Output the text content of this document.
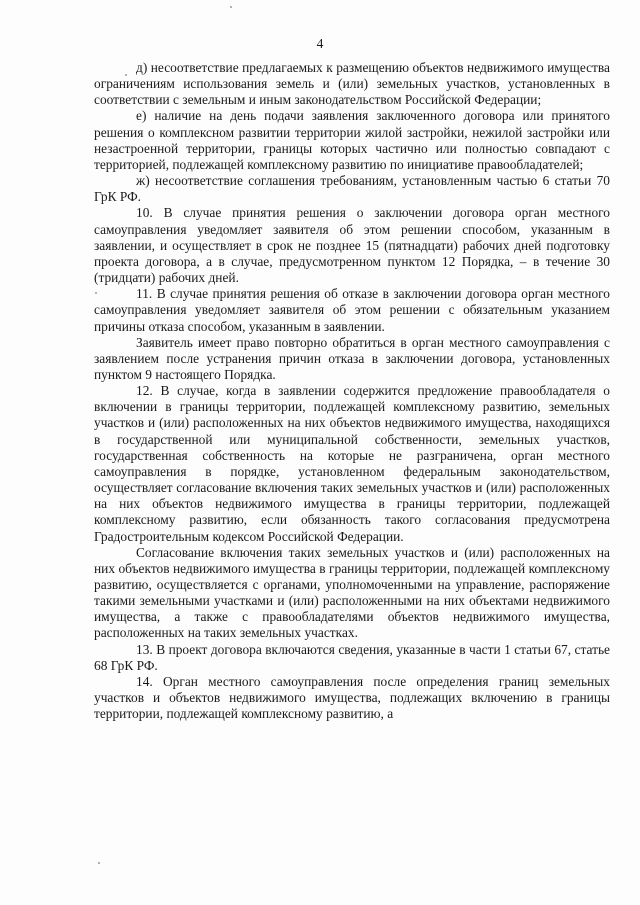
4

д) несоответствие предлагаемых к размещению объектов недвижимого имущества ограничениям использования земель и (или) земельных участков, установленных в соответствии с земельным и иным законодательством Российской Федерации;

е) наличие на день подачи заявления заключенного договора или принятого решения о комплексном развитии территории жилой застройки, нежилой застройки или незастроенной территории, границы которых частично или полностью совпадают с территорией, подлежащей комплексному развитию по инициативе правообладателей;

ж) несоответствие соглашения требованиям, установленным частью 6 статьи 70 ГрК РФ.

10. В случае принятия решения о заключении договора орган местного самоуправления уведомляет заявителя об этом решении способом, указанным в заявлении, и осуществляет в срок не позднее 15 (пятнадцати) рабочих дней подготовку проекта договора, а в случае, предусмотренном пунктом 12 Порядка, – в течение 30 (тридцати) рабочих дней.

11. В случае принятия решения об отказе в заключении договора орган местного самоуправления уведомляет заявителя об этом решении с обязательным указанием причины отказа способом, указанным в заявлении.

Заявитель имеет право повторно обратиться в орган местного самоуправления с заявлением после устранения причин отказа в заключении договора, установленных пунктом 9 настоящего Порядка.

12. В случае, когда в заявлении содержится предложение правообладателя о включении в границы территории, подлежащей комплексному развитию, земельных участков и (или) расположенных на них объектов недвижимого имущества, находящихся в государственной или муниципальной собственности, земельных участков, государственная собственность на которые не разграничена, орган местного самоуправления в порядке, установленном федеральным законодательством, осуществляет согласование включения таких земельных участков и (или) расположенных на них объектов недвижимого имущества в границы территории, подлежащей комплексному развитию, если обязанность такого согласования предусмотрена Градостроительным кодексом Российской Федерации.

Согласование включения таких земельных участков и (или) расположенных на них объектов недвижимого имущества в границы территории, подлежащей комплексному развитию, осуществляется с органами, уполномоченными на управление, распоряжение такими земельными участками и (или) расположенными на них объектами недвижимого имущества, а также с правообладателями объектов недвижимого имущества, расположенных на таких земельных участках.

13. В проект договора включаются сведения, указанные в части 1 статьи 67, статье 68 ГрК РФ.

14. Орган местного самоуправления после определения границ земельных участков и объектов недвижимого имущества, подлежащих включению в границы территории, подлежащей комплексному развитию, а
